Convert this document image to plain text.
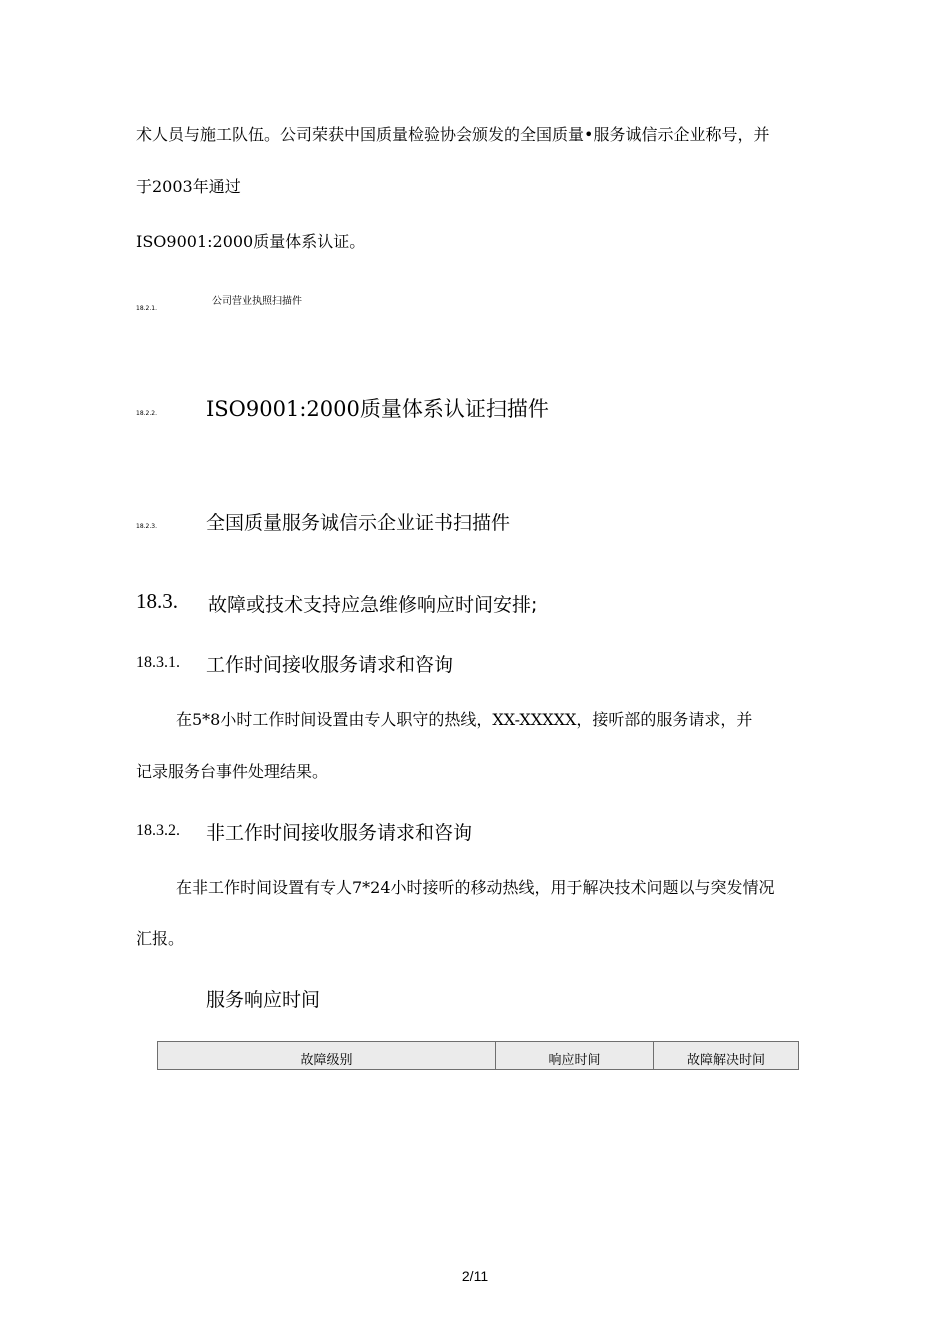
术人员与施工队伍。公司荣获中国质量检验协会颁发的全国质量•服务诚信示企业称号，并
于2003年通过
ISO9001:2000质量体系认证。
18.2.1.
公司营业执照扫描件
18.2.2. ISO9001:2000质量体系认证扫描件
18.2.3.	全国质量服务诚信示企业证书扫描件
18.3. 故障或技术支持应急维修响应时间安排;
18.3.1. 工作时间接收服务请求和咨询
在5*8小时工作时间设置由专人职守的热线，XX-XXXXX，接听部的服务请求，并
记录服务台事件处理结果。
18.3.2. 非工作时间接收服务请求和咨询
在非工作时间设置有专人7*24小时接听的移动热线，用于解决技术问题以与突发情况
汇报。
服务响应时间
故障级别	响应时间	故障解决时间
2/11
